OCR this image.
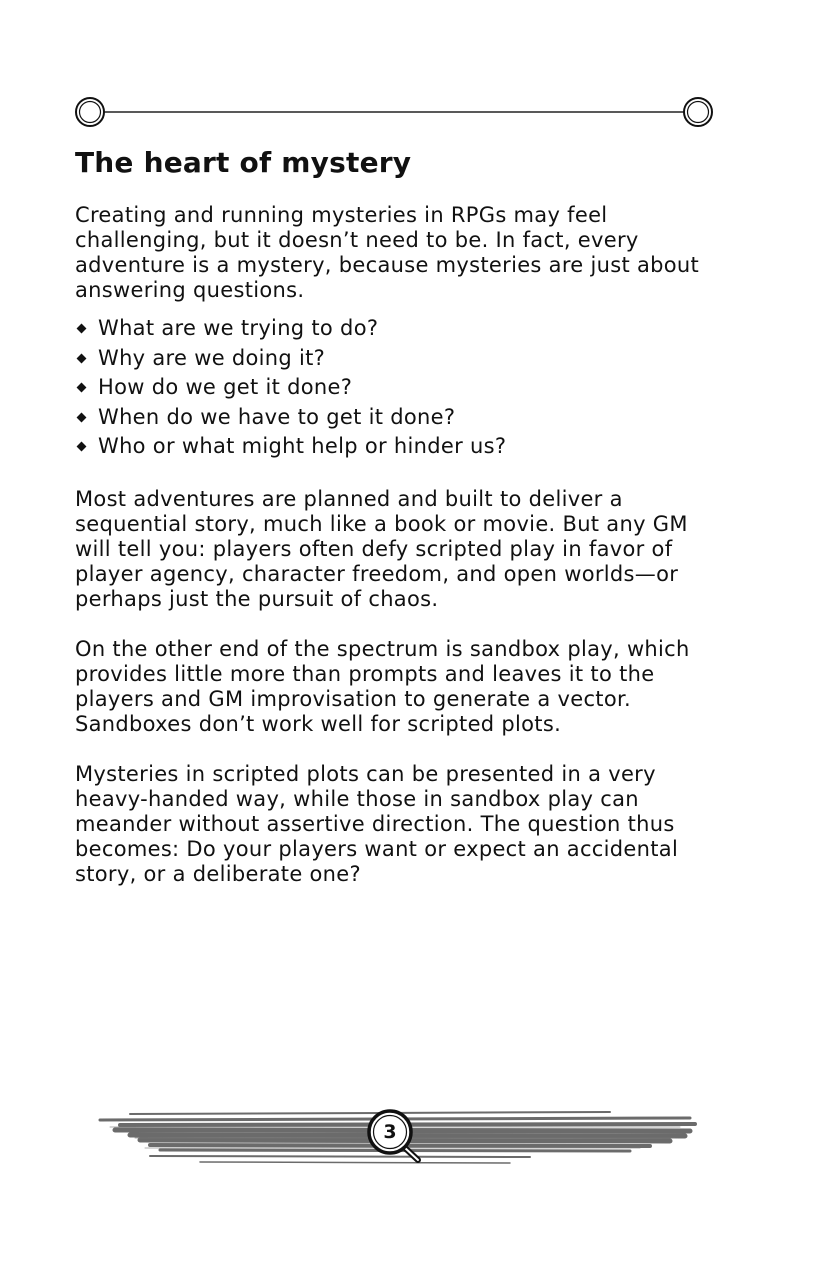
The heart of mystery

Creating and running mysteries in RPGs may feel challenging, but it doesn’t need to be. In fact, every adventure is a mystery, because mysteries are just about answering questions.

What are we trying to do?
Why are we doing it?
How do we get it done?
When do we have to get it done?
Who or what might help or hinder us?

Most adventures are planned and built to deliver a sequential story, much like a book or movie. But any GM will tell you: players often defy scripted play in favor of player agency, character freedom, and open worlds—or perhaps just the pursuit of chaos.

On the other end of the spectrum is sandbox play, which provides little more than prompts and leaves it to the players and GM improvisation to generate a vector. Sandboxes don’t work well for scripted plots.

Mysteries in scripted plots can be presented in a very heavy-handed way, while those in sandbox play can meander without assertive direction. The question thus becomes: Do your players want or expect an accidental story, or a deliberate one?

3
